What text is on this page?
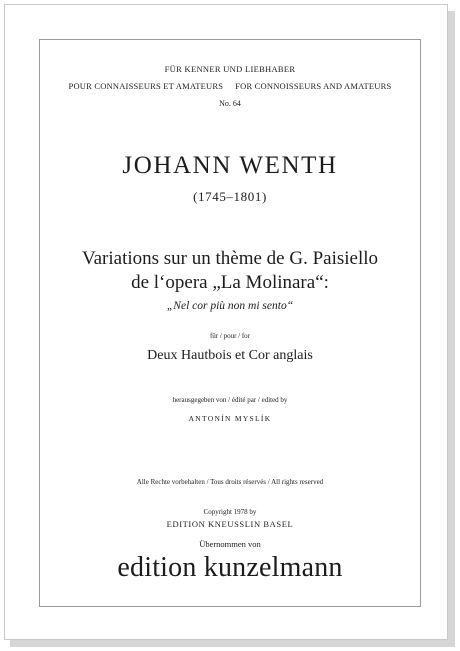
FÜR KENNER UND LIEBHABER
POUR CONNAISSEURS ET AMATEURS FOR CONNOISSEURS AND AMATEURS
No. 64
JOHANN WENTH
(1745–1801)
Variations sur un thème de G. Paisiello
de l‘opera „La Molinara“:
„Nel cor più non mi sento“
für / pour / for
Deux Hautbois et Cor anglais
herausgegeben von / édité par / edited by
ANTONÍN MYSLÍK
Alle Rechte vorbehalten / Tous droits réservés / All rights reserved
Copyright 1978 by
EDITION KNEUSSLIN BASEL
Übernommen von
edition kunzelmann
